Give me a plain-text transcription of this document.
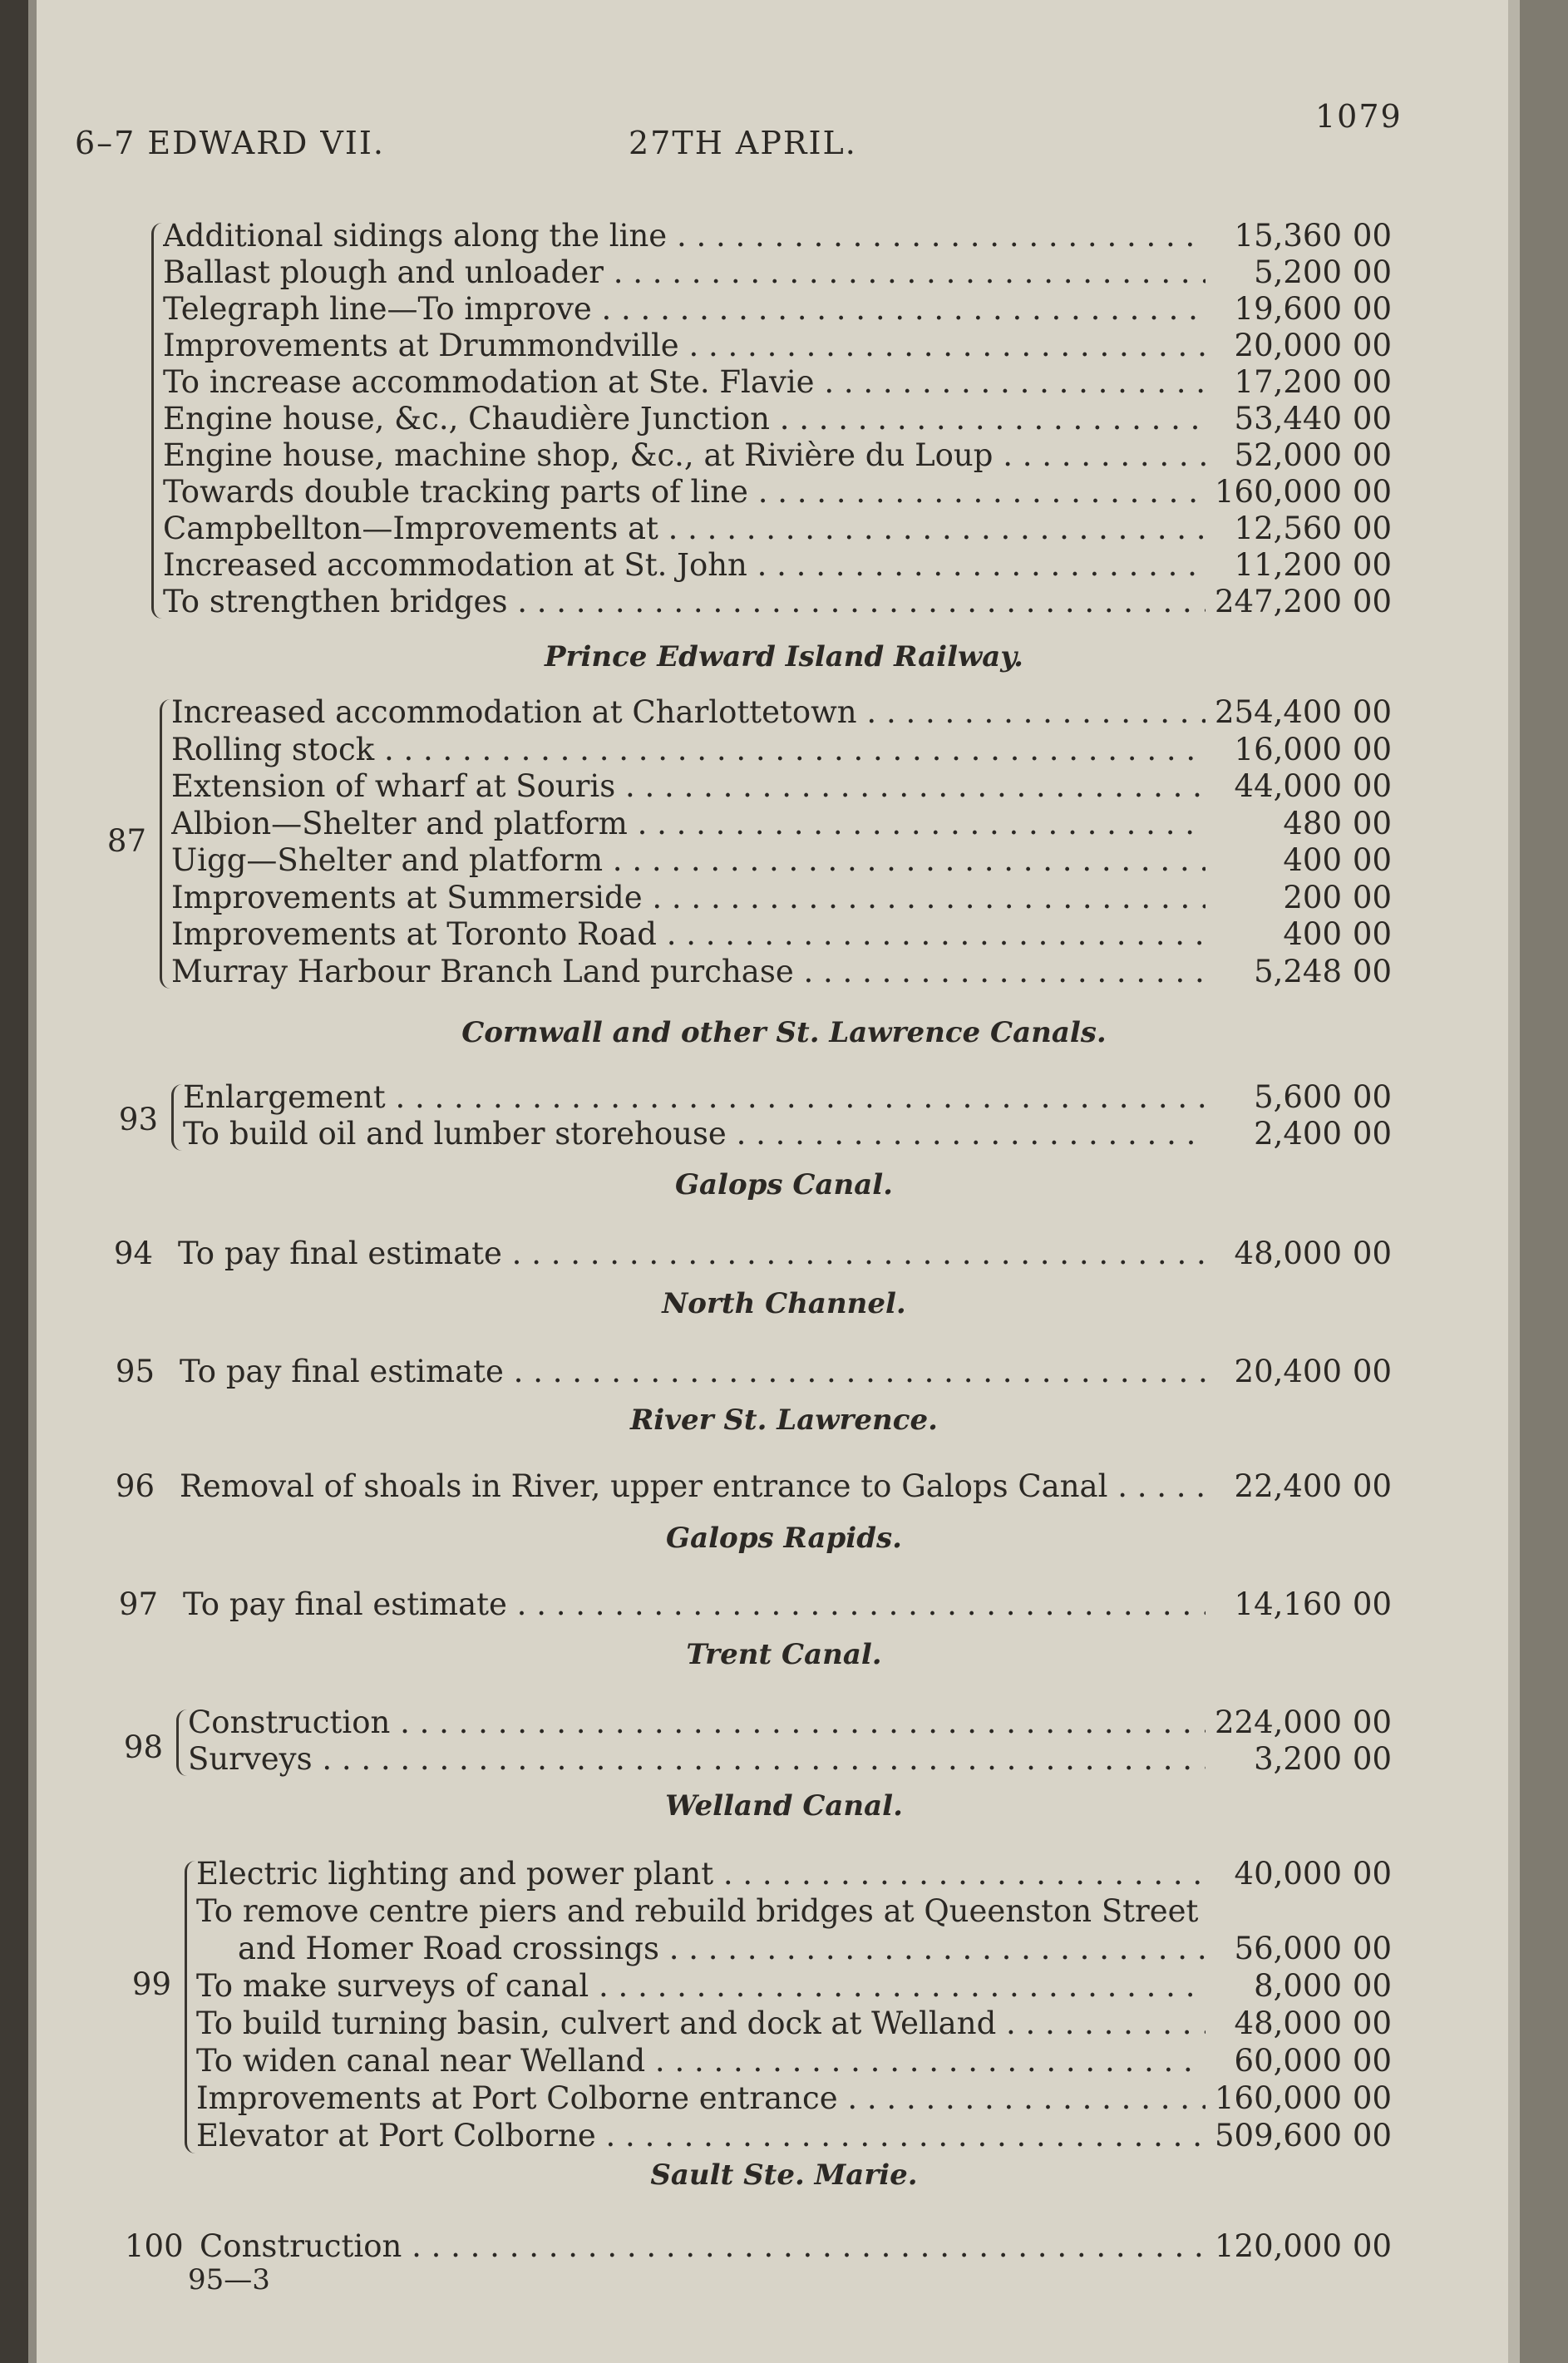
6–7 EDWARD VII.	27TH APRIL.
1079
Additional sidings along the line . . .	15,360 00
Ballast plough and unloader . . .	5,200 00
Telegraph line—To improve . . .	19,600 00
Improvements at Drummondville . . .	20,000 00
To increase accommodation at Ste. Flavie . . .	17,200 00
Engine house, &c., Chaudière Junction . . .	53,440 00
Engine house, machine shop, &c., at Rivière du Loup . . .	52,000 00
Towards double tracking parts of line . . .	160,000 00
Campbellton—Improvements at . . .	12,560 00
Increased accommodation at St. John . . .	11,200 00
To strengthen bridges . . .	247,200 00
Prince Edward Island Railway.
87
Increased accommodation at Charlottetown . . .	254,400 00
Rolling stock . . .	16,000 00
Extension of wharf at Souris . . .	44,000 00
Albion—Shelter and platform . . .	480 00
Uigg—Shelter and platform . . .	400 00
Improvements at Summerside . . .	200 00
Improvements at Toronto Road . . .	400 00
Murray Harbour Branch Land purchase . . .	5,248 00
Cornwall and other St. Lawrence Canals.
93
Enlargement . . .	5,600 00
To build oil and lumber storehouse . . .	2,400 00
Galops Canal.
94 To pay final estimate . . .	48,000 00
North Channel.
95 To pay final estimate . . .	20,400 00
River St. Lawrence.
96 Removal of shoals in River, upper entrance to Galops Canal . . .	22,400 00
Galops Rapids.
97 To pay final estimate . . .	14,160 00
Trent Canal.
98
Construction . . .	224,000 00
Surveys . . .	3,200 00
Welland Canal.
99
Electric lighting and power plant . . .	40,000 00
To remove centre piers and rebuild bridges at Queenston Street
and Homer Road crossings . . .	56,000 00
To make surveys of canal . . .	8,000 00
To build turning basin, culvert and dock at Welland . . .	48,000 00
To widen canal near Welland . . .	60,000 00
Improvements at Port Colborne entrance . . .	160,000 00
Elevator at Port Colborne . . .	509,600 00
Sault Ste. Marie.
100 Construction . . .	120,000 00
95—3
